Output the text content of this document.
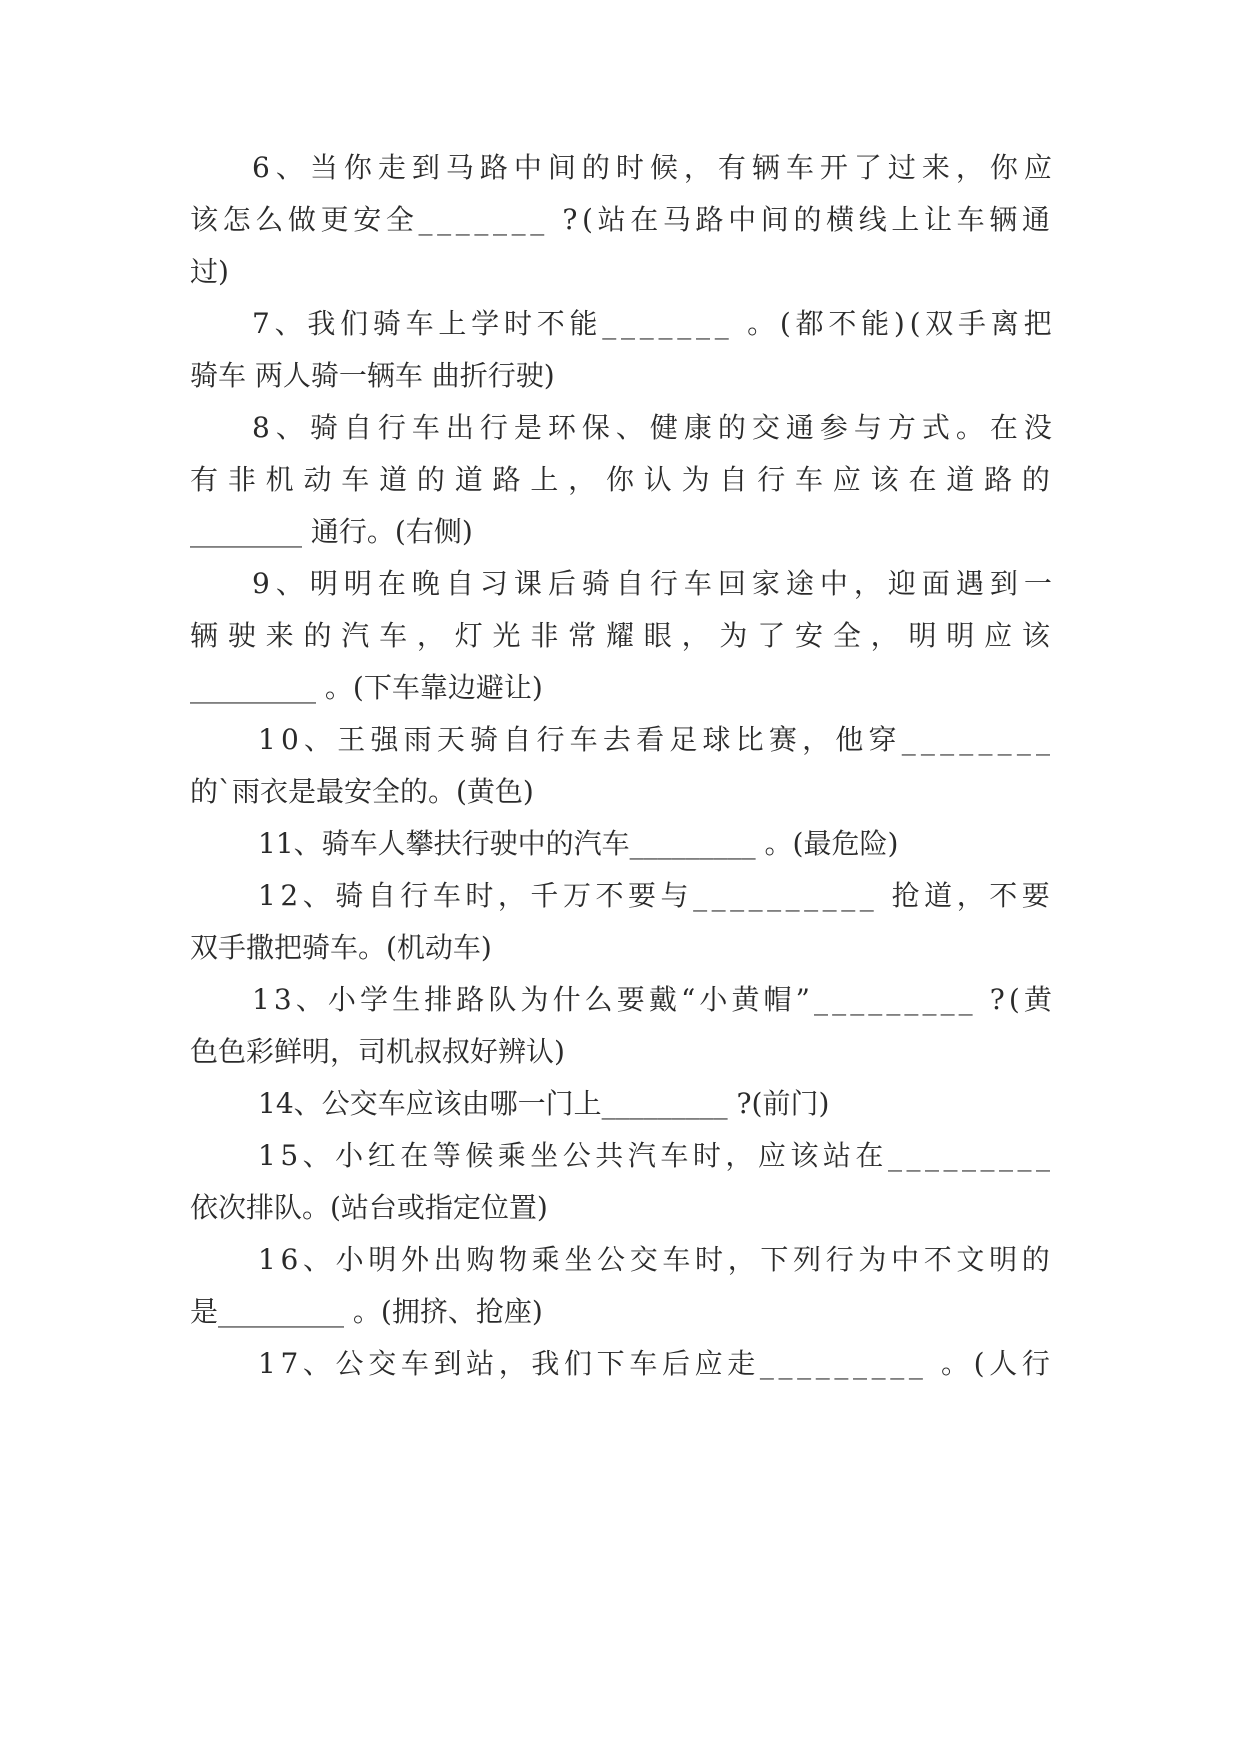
6 、 当 你 走 到 马 路 中 间 的 时 候 ， 有 辆 车 开 了 过 来 ， 你 应
该 怎 么 做 更 安 全 _ _ _ _ _ _ _
? ( 站 在 马 路 中 间 的 横 线 上 让 车 辆 通
过)
7 、 我 们 骑 车 上 学 时 不 能 _ _ _ _ _ _ _
。 ( 都 不 能 ) ( 双 手 离 把
骑车 两人骑一辆车 曲折行驶)
8 、 骑 自 行 车 出 行 是 环 保 、 健 康 的 交 通 参 与 方 式 。 在 没
有 非 机 动 车 道 的 道 路 上 ， 你 认 为 自 行 车 应 该 在 道 路 的
________ 通行。(右侧)
9 、 明 明 在 晚 自 习 课 后 骑 自 行 车 回 家 途 中 ， 迎 面 遇 到 一
辆 驶 来 的 汽 车 ， 灯 光 非 常 耀 眼 ， 为 了 安 全 ， 明 明 应 该
_________ 。(下车靠边避让)
1 0 、 王 强 雨 天 骑 自 行 车 去 看 足 球 比 赛 ， 他 穿 _ _ _ _ _ _ _ _
的`雨衣是最安全的。(黄色)
11、骑车人攀扶行驶中的汽车_________ 。(最危险)
1 2 、 骑 自 行 车 时 ， 千 万 不 要 与 _ _ _ _ _ _ _ _ _ _
抢 道 ， 不 要
双手撒把骑车。(机动车)
1 3 、 小 学 生 排 路 队 为 什 么 要 戴 “ 小 黄 帽 ” _ _ _ _ _ _ _ _ _
? ( 黄
色色彩鲜明，司机叔叔好辨认)
14、公交车应该由哪一门上_________ ?(前门)
1 5 、 小 红 在 等 候 乘 坐 公 共 汽 车 时 ， 应 该 站 在 _ _ _ _ _ _ _ _ _
依次排队。(站台或指定位置)
1 6 、 小 明 外 出 购 物 乘 坐 公 交 车 时 ， 下 列 行 为 中 不 文 明 的
是_________ 。(拥挤、抢座)
1 7 、 公 交 车 到 站 ， 我 们 下 车 后 应 走 _ _ _ _ _ _ _ _ _
。 ( 人 行
